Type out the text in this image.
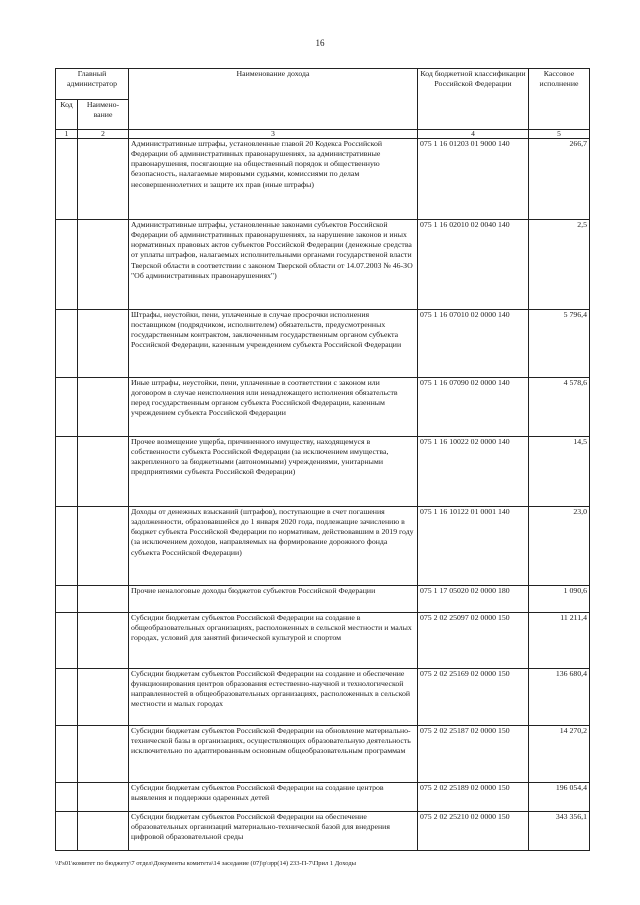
16
Главный администратор		Наименование дохода	Код бюджетной классификации Российской Федерации	Кассовое исполнение
Код	Наимено-вание			
1	2	3	4	5
		Административные штрафы, установленные главой 20 Кодекса Российской Федерации об административных правонарушениях, за административные правонарушения, посягающие на общественный порядок и общественную безопасность, налагаемые мировыми судьями, комиссиями по делам несовершеннолетних и защите их прав (иные штрафы)	075 1 16 01203 01 9000 140	266,7
		Административные штрафы, установленные законами субъектов Российской Федерации об административных правонарушениях, за нарушение законов и иных нормативных правовых актов субъектов Российской Федерации (денежные средства от уплаты штрафов, налагаемых исполнительными органами государственой власти Тверской области в соответствии с законом Тверской области от 14.07.2003 № 46-ЗО "Об административных правонарушениях")	075 1 16 02010 02 0040 140	2,5
		Штрафы, неустойки, пени, уплаченные в случае просрочки исполнения поставщиком (подрядчиком, исполнителем) обязательств, предусмотренных государственным контрактом, заключенным государственным органом субъекта Российской Федерации, казенным учреждением субъекта Российской Федерации	075 1 16 07010 02 0000 140	5 796,4
		Иные штрафы, неустойки, пени, уплаченные в соответствии с законом или договором в случае неисполнения или ненадлежащего исполнения обязательств перед государственным органом субъекта Российской Федерации, казенным учреждением субъекта Российской Федерации	075 1 16 07090 02 0000 140	4 578,6
		Прочее возмещение ущерба, причиненного имуществу, находящемуся в собственности субъекта Российской Федерации (за исключением имущества, закрепленного за бюджетными (автономными) учреждениями, унитарными предприятиями субъекта Российской Федерации)	075 1 16 10022 02 0000 140	14,5
		Доходы от денежных взысканий (штрафов), поступающие в счет погашения задолженности, образовавшейся до 1 января 2020 года, подлежащие зачислению в бюджет субъекта Российской Федерации по нормативам, действовавшим в 2019 году (за исключением доходов, направляемых на формирование дорожного фонда субъекта Российской Федерации)	075 1 16 10122 01 0001 140	23,0
		Прочие неналоговые доходы бюджетов субъектов Российской Федерации	075 1 17 05020 02 0000 180	1 090,6
		Субсидии бюджетам субъектов Российской Федерации на создание в общеобразовательных организациях, расположенных в сельской местности и малых городах, условий для занятий физической культурой и спортом	075 2 02 25097 02 0000 150	11 211,4
		Субсидии бюджетам субъектов Российской Федерации на создание и обеспечение функционирования центров образования естественно-научной и технологической направленностей в общеобразовательных организациях, расположенных в сельской местности и малых городах	075 2 02 25169 02 0000 150	136 680,4
		Субсидии бюджетам субъектов Российской Федерации на обновление материально-технической базы в организациях, осуществляющих образовательную деятельность исключительно по адаптированным основным общеобразовательным программам	075 2 02 25187 02 0000 150	14 270,2
		Субсидии бюджетам субъектов Российской Федерации на создание центров выявления и поддержки одаренных детей	075 2 02 25189 02 0000 150	196 054,4
		Субсидии бюджетам субъектов Российской Федерации на обеспечение образовательных организаций материально-технической базой для внедрения цифровой образовательной среды	075 2 02 25210 02 0000 150	343 356,1
\\Fs01\комитет по бюджету\7 отдел\Документы комитета\14 заседание (07)\р\зрр(14) 233-П-7\Прил 1 Доходы
